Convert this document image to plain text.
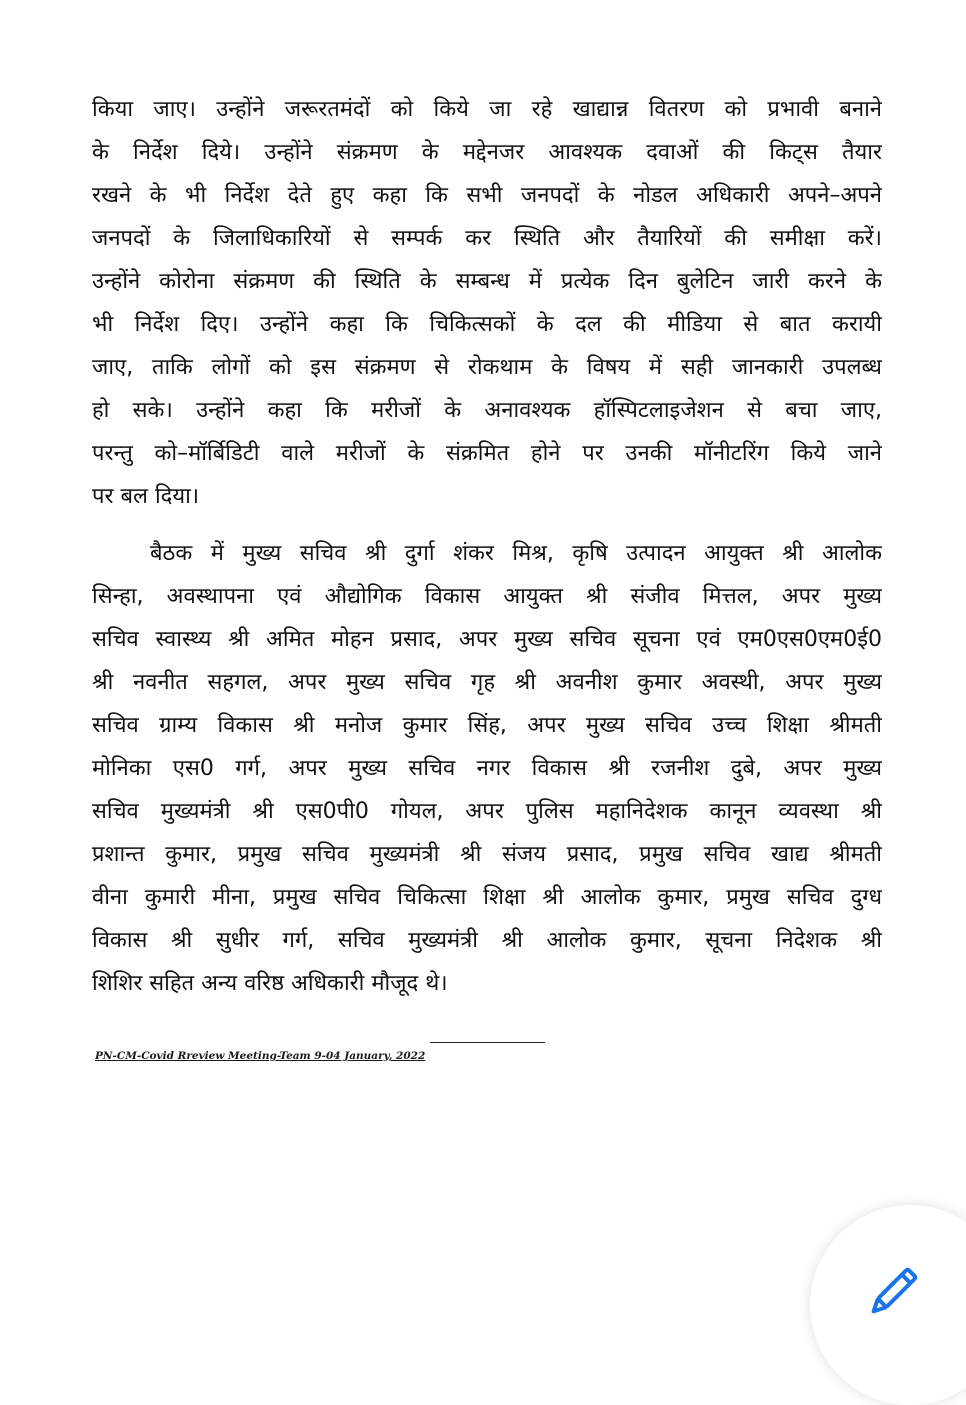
किया जाए। उन्होंने जरूरतमंदों को किये जा रहे खाद्यान्न वितरण को प्रभावी बनाने
के निर्देश दिये। उन्होंने संक्रमण के मद्देनजर आवश्यक दवाओं की किट्स तैयार
रखने के भी निर्देश देते हुए कहा कि सभी जनपदों के नोडल अधिकारी अपने–अपने
जनपदों के जिलाधिकारियों से सम्पर्क कर स्थिति और तैयारियों की समीक्षा करें।
उन्होंने कोरोना संक्रमण की स्थिति के सम्बन्ध में प्रत्येक दिन बुलेटिन जारी करने के
भी निर्देश दिए। उन्होंने कहा कि चिकित्सकों के दल की मीडिया से बात करायी
जाए, ताकि लोगों को इस संक्रमण से रोकथाम के विषय में सही जानकारी उपलब्ध
हो सके। उन्होंने कहा कि मरीजों के अनावश्यक हॉस्पिटलाइजेशन से बचा जाए,
परन्तु को–मॉर्बिडिटी वाले मरीजों के संक्रमित होने पर उनकी मॉनीटरिंग किये जाने
पर बल दिया।
बैठक में मुख्य सचिव श्री दुर्गा शंकर मिश्र, कृषि उत्पादन आयुक्त श्री आलोक
सिन्हा, अवस्थापना एवं औद्योगिक विकास आयुक्त श्री संजीव मित्तल, अपर मुख्य
सचिव स्वास्थ्य श्री अमित मोहन प्रसाद, अपर मुख्य सचिव सूचना एवं एम0एस0एम0ई0
श्री नवनीत सहगल, अपर मुख्य सचिव गृह श्री अवनीश कुमार अवस्थी, अपर मुख्य
सचिव ग्राम्य विकास श्री मनोज कुमार सिंह, अपर मुख्य सचिव उच्च शिक्षा श्रीमती
मोनिका एस0 गर्ग, अपर मुख्य सचिव नगर विकास श्री रजनीश दुबे, अपर मुख्य
सचिव मुख्यमंत्री श्री एस0पी0 गोयल, अपर पुलिस महानिदेशक कानून व्यवस्था श्री
प्रशान्त कुमार, प्रमुख सचिव मुख्यमंत्री श्री संजय प्रसाद, प्रमुख सचिव खाद्य श्रीमती
वीना कुमारी मीना, प्रमुख सचिव चिकित्सा शिक्षा श्री आलोक कुमार, प्रमुख सचिव दुग्ध
विकास श्री सुधीर गर्ग, सचिव मुख्यमंत्री श्री आलोक कुमार, सूचना निदेशक श्री
शिशिर सहित अन्य वरिष्ठ अधिकारी मौजूद थे।
PN-CM-Covid Rreview Meeting-Team 9-04 January, 2022
